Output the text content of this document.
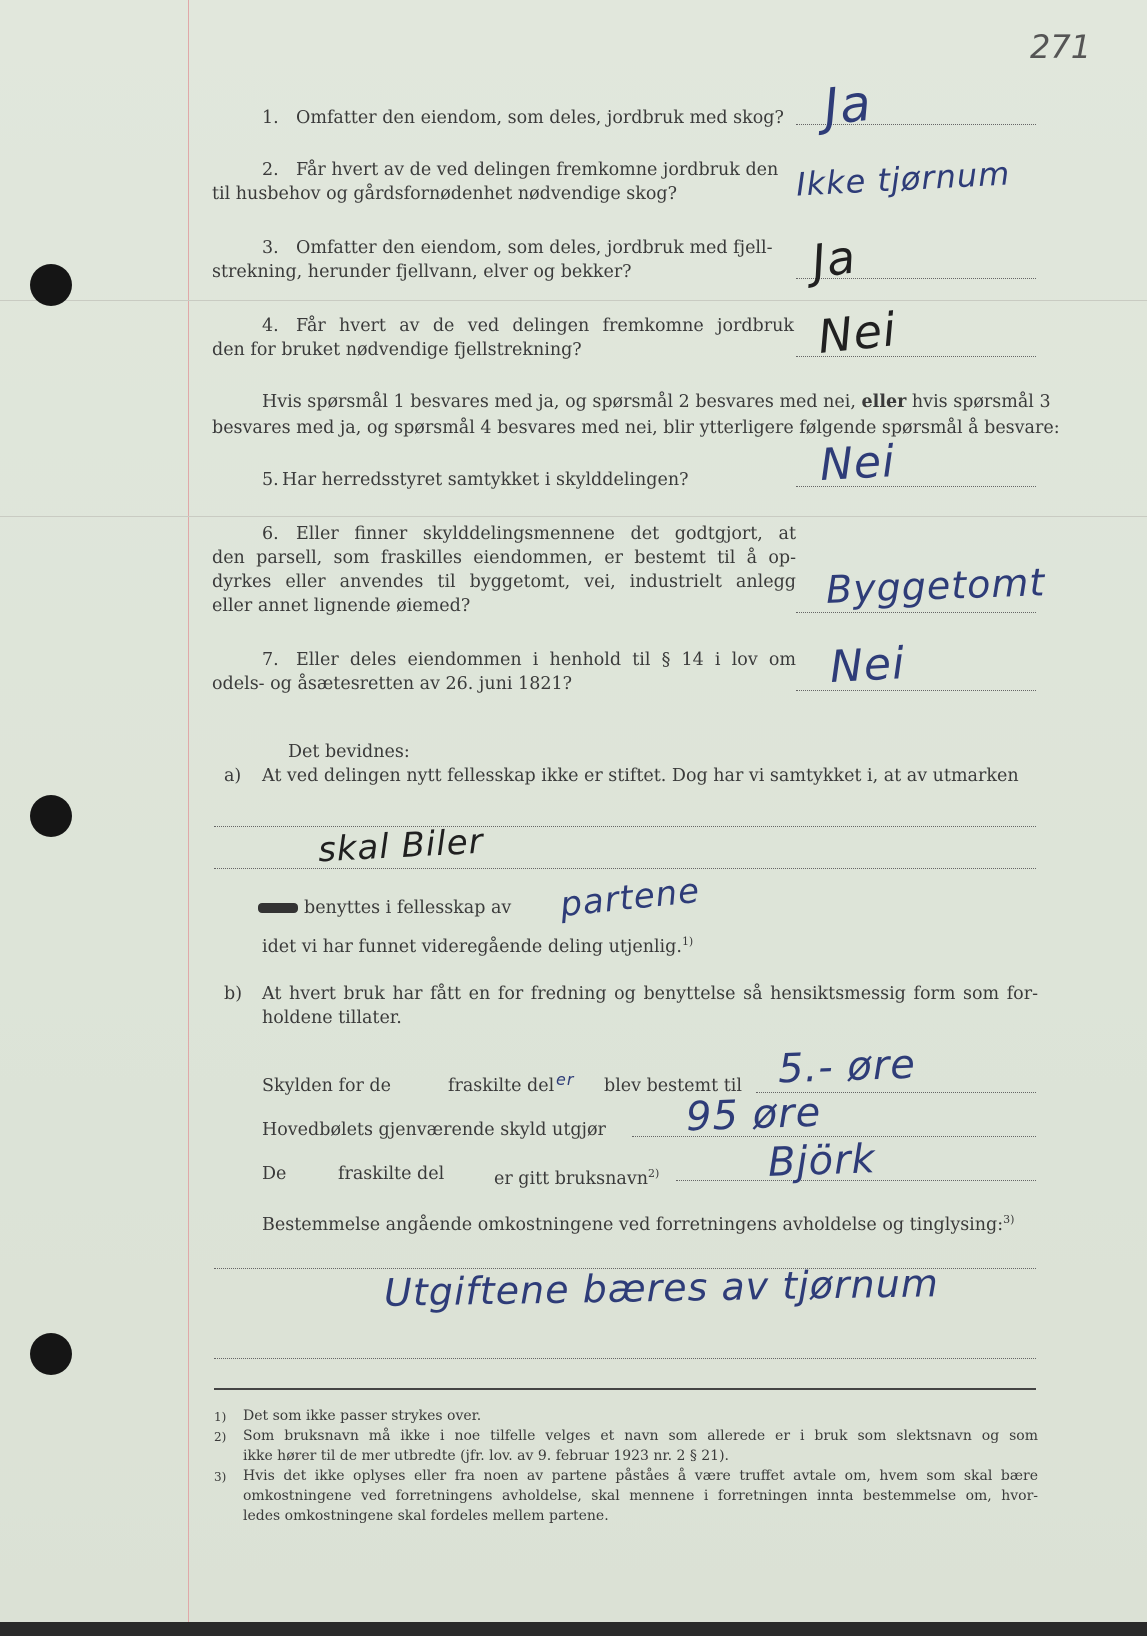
271
1. Omfatter den eiendom, som deles, jordbruk med skog? Ja
2. Får hvert av de ved delingen fremkomne jordbruk den
til husbehov og gårdsfornødenhet nødvendige skog?	Ikke tjørnum
3. Omfatter den eiendom, som deles, jordbruk med fjell-
strekning, herunder fjellvann, elver og bekker?	Ja
4. Får hvert av de ved delingen fremkomne jordbruk
den for bruket nødvendige fjellstrekning?	Nei
Hvis spørsmål 1 besvares med ja, og spørsmål 2 besvares med nei, eller hvis spørsmål 3
besvares med ja, og spørsmål 4 besvares med nei, blir ytterligere følgende spørsmål å besvare:
5. Har herredsstyret samtykket i skylddelingen?	Nei
6. Eller finner skylddelingsmennene det godtgjort, at
den parsell, som fraskilles eiendommen, er bestemt til å op-
dyrkes eller anvendes til byggetomt, vei, industrielt anlegg
eller annet lignende øiemed?	Byggetomt
7. Eller deles eiendommen i henhold til § 14 i lov om
odels- og åsætesretten av 26. juni 1821?	Nei
Det bevidnes:
a) At ved delingen nytt fellesskap ikke er stiftet. Dog har vi samtykket i, at av utmarken
skal Biler
benyttes i fellesskap av partene
idet vi har funnet videregående deling utjenlig.$^{1)}$
b) At hvert bruk har fått en for fredning og benyttelse så hensiktsmessig form som for-
holdene tillater.
Skylden for de	fraskilte del er blev bestemt til 5.- øre
Hovedbølets gjenværende skyld utgjør 95 øre
De	fraskilte del	er gitt bruksnavn$^{2)}$	Björk
Bestemmelse angående omkostningene ved forretningens avholdelse og tinglysing:$^{3)}$
Utgiftene bæres av tjørnum
1) Det som ikke passer strykes over.
2) Som bruksnavn må ikke i noe tilfelle velges et navn som allerede er i bruk som slektsnavn og som
ikke hører til de mer utbredte (jfr. lov. av 9. februar 1923 nr. 2 § 21).
3) Hvis det ikke oplyses eller fra noen av partene påståes å være truffet avtale om, hvem som skal bære
omkostningene ved forretningens avholdelse, skal mennene i forretningen innta bestemmelse om, hvor-
ledes omkostningene skal fordeles mellem partene.
